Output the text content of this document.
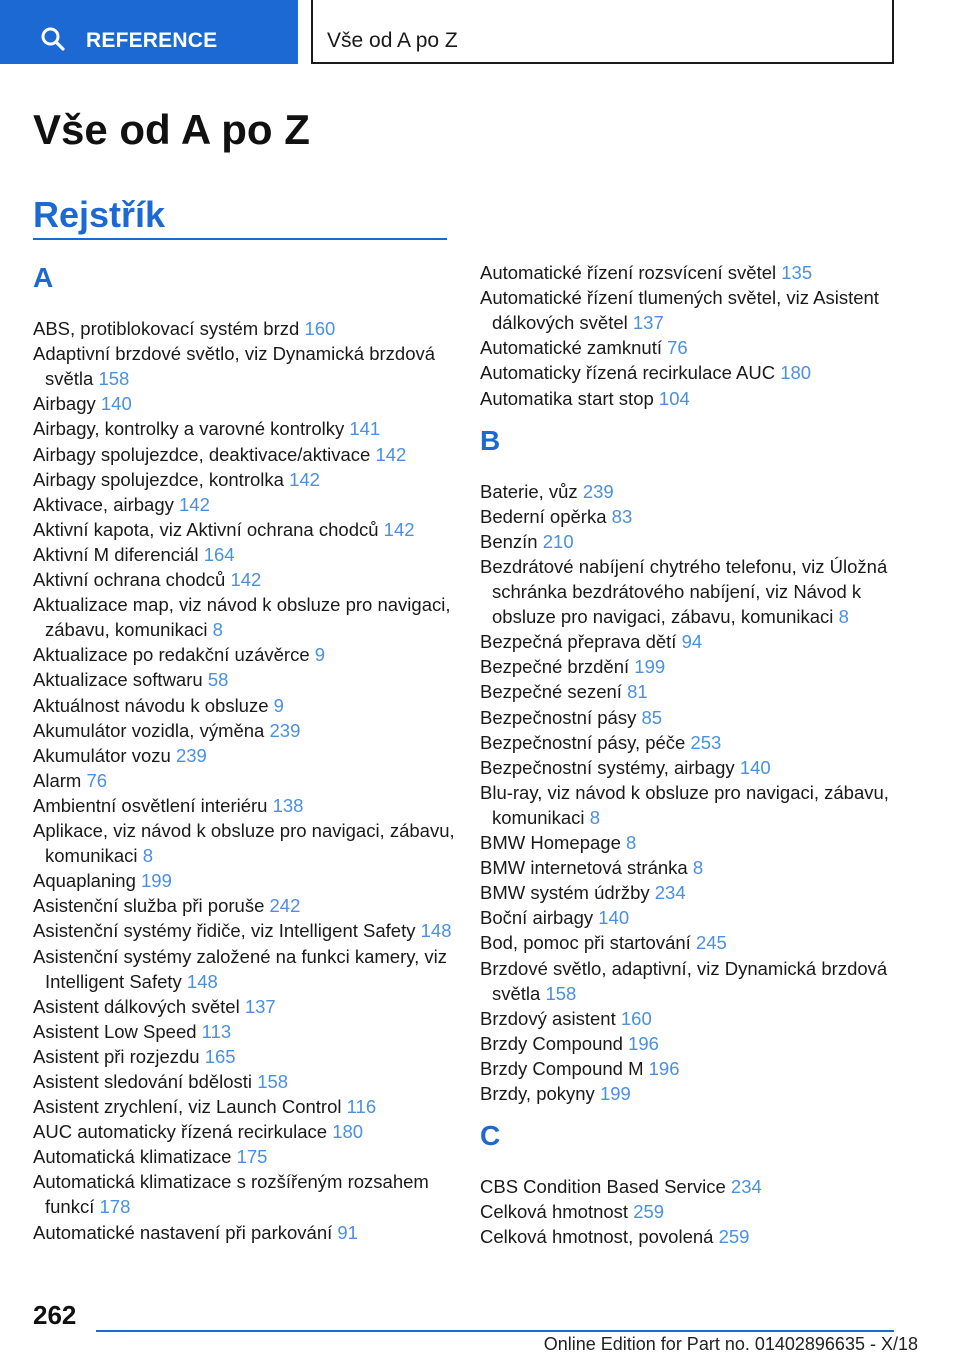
REFERENCE	Vše od A po Z
Vše od A po Z
Rejstřík
A
ABS, protiblokovací systém brzd 160
Adaptivní brzdové světlo, viz Dynamická brzdová světla 158
Airbagy 140
Airbagy, kontrolky a varovné kontrolky 141
Airbagy spolujezdce, deaktivace/aktivace 142
Airbagy spolujezdce, kontrolka 142
Aktivace, airbagy 142
Aktivní kapota, viz Aktivní ochrana chodců 142
Aktivní M diferenciál 164
Aktivní ochrana chodců 142
Aktualizace map, viz návod k obsluze pro navigaci, zábavu, komunikaci 8
Aktualizace po redakční uzávěrce 9
Aktualizace softwaru 58
Aktuálnost návodu k obsluze 9
Akumulátor vozidla, výměna 239
Akumulátor vozu 239
Alarm 76
Ambientní osvětlení interiéru 138
Aplikace, viz návod k obsluze pro navigaci, zábavu, komunikaci 8
Aquaplaning 199
Asistenční služba při poruše 242
Asistenční systémy řidiče, viz Intelligent Safety 148
Asistenční systémy založené na funkci kamery, viz Intelligent Safety 148
Asistent dálkových světel 137
Asistent Low Speed 113
Asistent při rozjezdu 165
Asistent sledování bdělosti 158
Asistent zrychlení, viz Launch Control 116
AUC automaticky řízená recirkulace 180
Automatická klimatizace 175
Automatická klimatizace s rozšířeným rozsahem funkcí 178
Automatické nastavení při parkování 91
Automatické řízení rozsvícení světel 135
Automatické řízení tlumených světel, viz Asistent dálkových světel 137
Automatické zamknutí 76
Automaticky řízená recirkulace AUC 180
Automatika start stop 104
B
Baterie, vůz 239
Bederní opěrka 83
Benzín 210
Bezdrátové nabíjení chytrého telefonu, viz Úložná schránka bezdrátového nabíjení, viz Návod k obsluze pro navigaci, zábavu, komunikaci 8
Bezpečná přeprava dětí 94
Bezpečné brzdění 199
Bezpečné sezení 81
Bezpečnostní pásy 85
Bezpečnostní pásy, péče 253
Bezpečnostní systémy, airbagy 140
Blu-ray, viz návod k obsluze pro navigaci, zábavu, komunikaci 8
BMW Homepage 8
BMW internetová stránka 8
BMW systém údržby 234
Boční airbagy 140
Bod, pomoc při startování 245
Brzdové světlo, adaptivní, viz Dynamická brzdová světla 158
Brzdový asistent 160
Brzdy Compound 196
Brzdy Compound M 196
Brzdy, pokyny 199
C
CBS Condition Based Service 234
Celková hmotnost 259
Celková hmotnost, povolená 259
262
Online Edition for Part no. 01402896635 - X/18
